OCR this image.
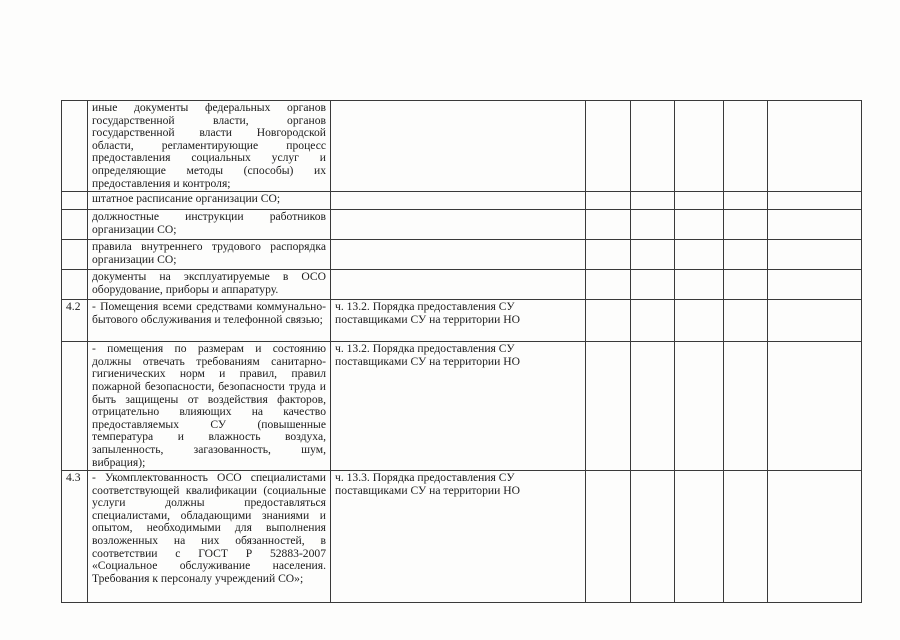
	иные документы федеральных органов государственной власти, органов государственной власти Новгородской области, регламентирующие процесс предоставления социальных услуг и определяющие методы (способы) их предоставления и контроля;						
	штатное расписание организации СО;						
	должностные инструкции работников организации СО;						
	правила внутреннего трудового распорядка организации СО;						
	документы на эксплуатируемые в ОСО оборудование, приборы и аппаратуру.						
4.2	- Помещения всеми средствами коммунально-бытового обслуживания и телефонной связью;	ч. 13.2. Порядка предоставления СУ поставщиками СУ на территории НО					
	- помещения по размерам и состоянию должны отвечать требованиям санитарно-гигиенических норм и правил, правил пожарной безопасности, безопасности труда и быть защищены от воздействия факторов, отрицательно влияющих на качество предоставляемых СУ (повышенные температура и влажность воздуха, запыленность, загазованность, шум, вибрация);	ч. 13.2. Порядка предоставления СУ поставщиками СУ на территории НО					
4.3	- Укомплектованность ОСО специалистами соответствующей квалификации (социальные услуги должны предоставляться специалистами, обладающими знаниями и опытом, необходимыми для выполнения возложенных на них обязанностей, в соответствии с ГОСТ Р 52883-2007 «Социальное обслуживание населения. Требования к персоналу учреждений СО»;	ч. 13.3. Порядка предоставления СУ поставщиками СУ на территории НО					
